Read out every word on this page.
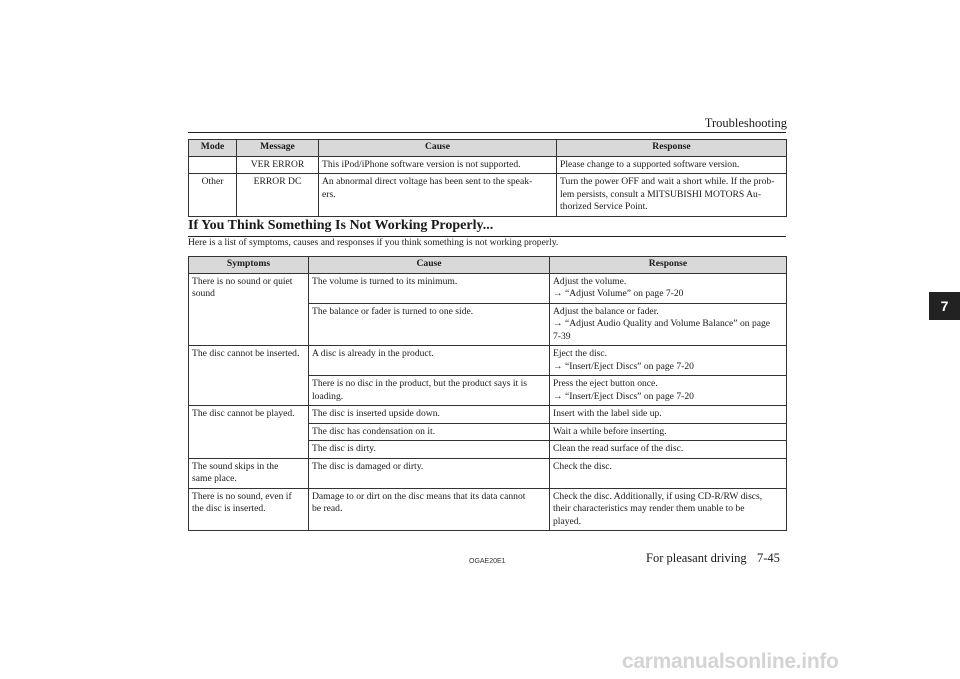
Troubleshooting
7
Mode	Message	Cause	Response
	VER ERROR	This iPod/iPhone software version is not supported.	Please change to a supported software version.
Other	ERROR DC	An abnormal direct voltage has been sent to the speak-
ers.	Turn the power OFF and wait a short while. If the prob-
lem persists, consult a MITSUBISHI MOTORS Au-
thorized Service Point.
If You Think Something Is Not Working Properly...
Here is a list of symptoms, causes and responses if you think something is not working properly.
Symptoms	Cause	Response
There is no sound or quiet
sound	The volume is turned to its minimum.	Adjust the volume.
→ “Adjust Volume” on page 7-20
	The balance or fader is turned to one side.	Adjust the balance or fader.
→ “Adjust Audio Quality and Volume Balance” on page
7-39
The disc cannot be inserted.	A disc is already in the product.	Eject the disc.
→ “Insert/Eject Discs” on page 7-20
	There is no disc in the product, but the product says it is
loading.	Press the eject button once.
→ “Insert/Eject Discs” on page 7-20
The disc cannot be played.	The disc is inserted upside down.	Insert with the label side up.
	The disc has condensation on it.	Wait a while before inserting.
	The disc is dirty.	Clean the read surface of the disc.
The sound skips in the
same place.	The disc is damaged or dirty.	Check the disc.
There is no sound, even if
the disc is inserted.	Damage to or dirt on the disc means that its data cannot
be read.	Check the disc. Additionally, if using CD-R/RW discs,
their characteristics may render them unable to be
played.
OGAE20E1	For pleasant driving 7-45
carmanualsonline.info
